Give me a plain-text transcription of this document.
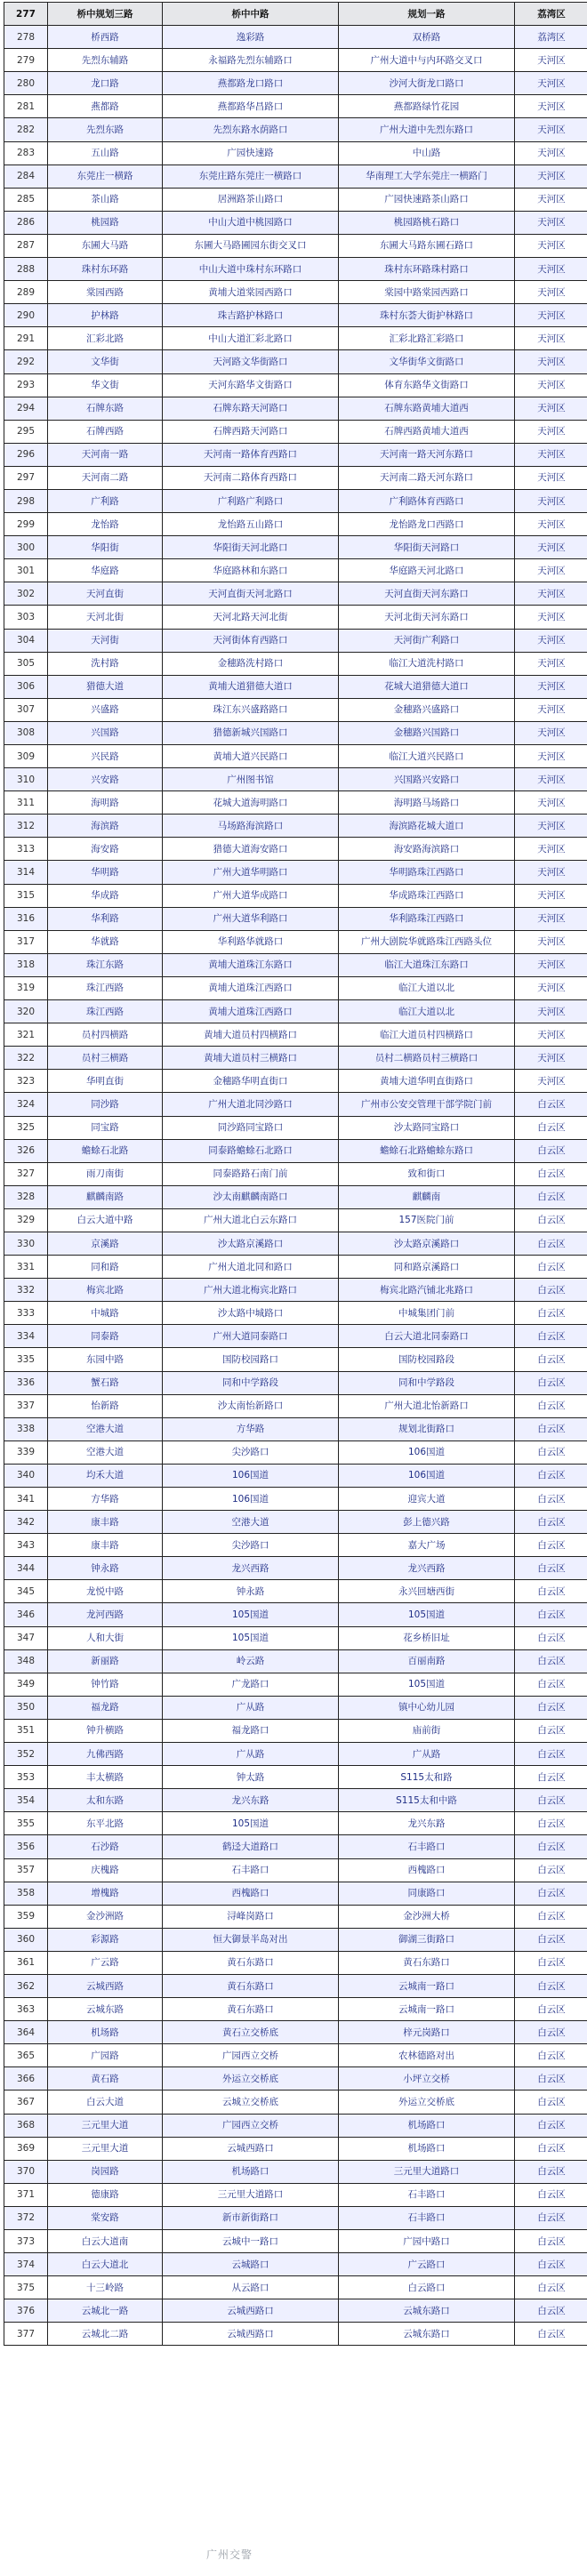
277	桥中规划三路	桥中中路	规划一路	荔湾区
278	桥西路	逸彩路	双桥路	荔湾区
279	先烈东辅路	永福路先烈东辅路口	广州大道中与内环路交叉口	天河区
280	龙口路	燕都路龙口路口	沙河大街龙口路口	天河区
281	燕都路	燕都路华昌路口	燕都路绿竹花园	天河区
282	先烈东路	先烈东路水荫路口	广州大道中先烈东路口	天河区
283	五山路	广园快速路	中山路	天河区
284	东莞庄一横路	东莞庄路东莞庄一横路口	华南理工大学东莞庄一横路门	天河区
285	茶山路	居洲路茶山路口	广园快速路茶山路口	天河区
286	桃园路	中山大道中桃园路口	桃园路桃石路口	天河区
287	东圃大马路	东圃大马路圃园东街交叉口	东圃大马路东圃石路口	天河区
288	珠村东环路	中山大道中珠村东环路口	珠村东环路珠村路口	天河区
289	棠园西路	黄埔大道棠园西路口	棠园中路棠园西路口	天河区
290	护林路	珠吉路护林路口	珠村东荟大街护林路口	天河区
291	汇彩北路	中山大道汇彩北路口	汇彩北路汇彩路口	天河区
292	文华街	天河路文华街路口	文华街华文街路口	天河区
293	华文街	天河东路华文街路口	体育东路华文街路口	天河区
294	石牌东路	石牌东路天河路口	石牌东路黄埔大道西	天河区
295	石牌西路	石牌西路天河路口	石牌西路黄埔大道西	天河区
296	天河南一路	天河南一路体育西路口	天河南一路天河东路口	天河区
297	天河南二路	天河南二路体育西路口	天河南二路天河东路口	天河区
298	广利路	广利路广利路口	广利路体育西路口	天河区
299	龙怡路	龙怡路五山路口	龙怡路龙口西路口	天河区
300	华阳街	华阳街天河北路口	华阳街天河路口	天河区
301	华庭路	华庭路林和东路口	华庭路天河北路口	天河区
302	天河直街	天河直街天河北路口	天河直街天河东路口	天河区
303	天河北街	天河北路天河北街	天河北街天河东路口	天河区
304	天河街	天河街体育西路口	天河街广利路口	天河区
305	洗村路	金穗路洗村路口	临江大道洗村路口	天河区
306	猎德大道	黄埔大道猎德大道口	花城大道猎德大道口	天河区
307	兴盛路	珠江东兴盛路路口	金穗路兴盛路口	天河区
308	兴国路	猎德新城兴国路口	金穗路兴国路口	天河区
309	兴民路	黄埔大道兴民路口	临江大道兴民路口	天河区
310	兴安路	广州图书馆	兴国路兴安路口	天河区
311	海明路	花城大道海明路口	海明路马场路口	天河区
312	海滨路	马场路海滨路口	海滨路花城大道口	天河区
313	海安路	猎德大道海安路口	海安路海滨路口	天河区
314	华明路	广州大道华明路口	华明路珠江西路口	天河区
315	华成路	广州大道华成路口	华成路珠江西路口	天河区
316	华利路	广州大道华利路口	华利路珠江西路口	天河区
317	华就路	华利路华就路口	广州大剧院华就路珠江西路头位	天河区
318	珠江东路	黄埔大道珠江东路口	临江大道珠江东路口	天河区
319	珠江西路	黄埔大道珠江西路口	临江大道以北	天河区
320	珠江西路	黄埔大道珠江西路口	临江大道以北	天河区
321	员村四横路	黄埔大道员村四横路口	临江大道员村四横路口	天河区
322	员村三横路	黄埔大道员村三横路口	员村二横路员村三横路口	天河区
323	华明直街	金穗路华明直街口	黄埔大道华明直街路口	天河区
324	同沙路	广州大道北同沙路口	广州市公安交管理干部学院门前	白云区
325	同宝路	同沙路同宝路口	沙太路同宝路口	白云区
326	蟾蜍石北路	同泰路蟾蜍石北路口	蟾蜍石北路蟾蜍东路口	白云区
327	雨刀南街	同泰路路石南门前	致和街口	白云区
328	麒麟南路	沙太南麒麟南路口	麒麟南	白云区
329	白云大道中路	广州大道北白云东路口	157医院门前	白云区
330	京溪路	沙太路京溪路口	沙太路京溪路口	白云区
331	同和路	广州大道北同和路口	同和路京溪路口	白云区
332	梅宾北路	广州大道北梅宾北路口	梅宾北路汽铺北兆路口	白云区
333	中城路	沙太路中城路口	中城集团门前	白云区
334	同泰路	广州大道同泰路口	白云大道北同泰路口	白云区
335	东园中路	国防校园路口	国防校园路段	白云区
336	蟹石路	同和中学路段	同和中学路段	白云区
337	怡新路	沙太南怡新路口	广州大道北怡新路口	白云区
338	空港大道	方华路	规划北街路口	白云区
339	空港大道	尖沙路口	106国道	白云区
340	均禾大道	106国道	106国道	白云区
341	方华路	106国道	迎宾大道	白云区
342	康丰路	空港大道	彭上德兴路	白云区
343	康丰路	尖沙路口	嘉大广场	白云区
344	钟永路	龙兴西路	龙兴西路	白云区
345	龙悦中路	钟永路	永兴回塘西街	白云区
346	龙河西路	105国道	105国道	白云区
347	人和大街	105国道	花乡桥旧址	白云区
348	新丽路	岭云路	百丽南路	白云区
349	钟竹路	广龙路口	105国道	白云区
350	福龙路	广从路	镇中心幼儿园	白云区
351	钟升横路	福龙路口	庙前街	白云区
352	九佛西路	广从路	广从路	白云区
353	丰太横路	钟太路	S115太和路	白云区
354	太和东路	龙兴东路	S115太和中路	白云区
355	东平北路	105国道	龙兴东路	白云区
356	石沙路	鹤迳大道路口	石丰路口	白云区
357	庆槐路	石丰路口	西槐路口	白云区
358	增槐路	西槐路口	同康路口	白云区
359	金沙洲路	浔峰岗路口	金沙洲大桥	白云区
360	彩源路	恒大御景半岛对出	御湖三街路口	白云区
361	广云路	黄石东路口	黄石东路口	白云区
362	云城西路	黄石东路口	云城南一路口	白云区
363	云城东路	黄石东路口	云城南一路口	白云区
364	机场路	黄石立交桥底	梓元岗路口	白云区
365	广园路	广园西立交桥	农林德路对出	白云区
366	黄石路	外运立交桥底	小坪立交桥	白云区
367	白云大道	云城立交桥底	外运立交桥底	白云区
368	三元里大道	广园西立交桥	机场路口	白云区
369	三元里大道	云城西路口	机场路口	白云区
370	岗园路	机场路口	三元里大道路口	白云区
371	德康路	三元里大道路口	石丰路口	白云区
372	棠安路	新市新街路口	石丰路口	白云区
373	白云大道南	云城中一路口	广园中路口	白云区
374	白云大道北	云城路口	广云路口	白云区
375	十三岭路	从云路口	白云路口	白云区
376	云城北一路	云城西路口	云城东路口	白云区
377	云城北二路	云城西路口	云城东路口	白云区
广州交警
